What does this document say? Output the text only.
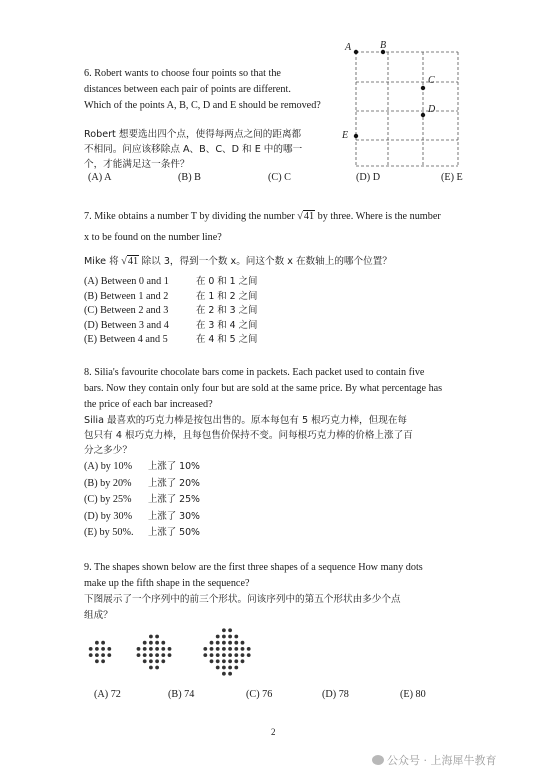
6. Robert wants to choose four points so that the
distances between each pair of points are different.
Which of the points A, B, C, D and E should be removed?
Robert 想要选出四个点，使得每两点之间的距离都
不相同。问应该移除点 A、B、C、D 和 E 中的哪一
个，才能满足这一条件？
(A) A	(B) B	(C) C	(D) D	(E) E
A	B
C
D
E
7. Mike obtains a number T by dividing the number √41 by three. Where is the number
x to be found on the number line?
Mike 将 √41 除以 3，得到一个数 x。问这个数 x 在数轴上的哪个位置？
(A) Between 0 and 1	在 0 和 1 之间
(B) Between 1 and 2	在 1 和 2 之间
(C) Between 2 and 3	在 2 和 3 之间
(D) Between 3 and 4	在 3 和 4 之间
(E) Between 4 and 5	在 4 和 5 之间
8. Silia's favourite chocolate bars come in packets. Each packet used to contain five
bars. Now they contain only four but are sold at the same price. By what percentage has
the price of each bar increased?
Silia 最喜欢的巧克力棒是按包出售的。原本每包有 5 根巧克力棒，但现在每
包只有 4 根巧克力棒，且每包售价保持不变。问每根巧克力棒的价格上涨了百
分之多少？
(A) by 10% 上涨了 10%
(B) by 20% 上涨了 20%
(C) by 25% 上涨了 25%
(D) by 30% 上涨了 30%
(E) by 50%. 上涨了 50%
9. The shapes shown below are the first three shapes of a sequence How many dots
make up the fifth shape in the sequence?
下图展示了一个序列中的前三个形状。问该序列中的第五个形状由多少个点
组成？
(A) 72	(B) 74	(C) 76	(D) 78	(E) 80
2
公众号 · 上海犀牛教育
